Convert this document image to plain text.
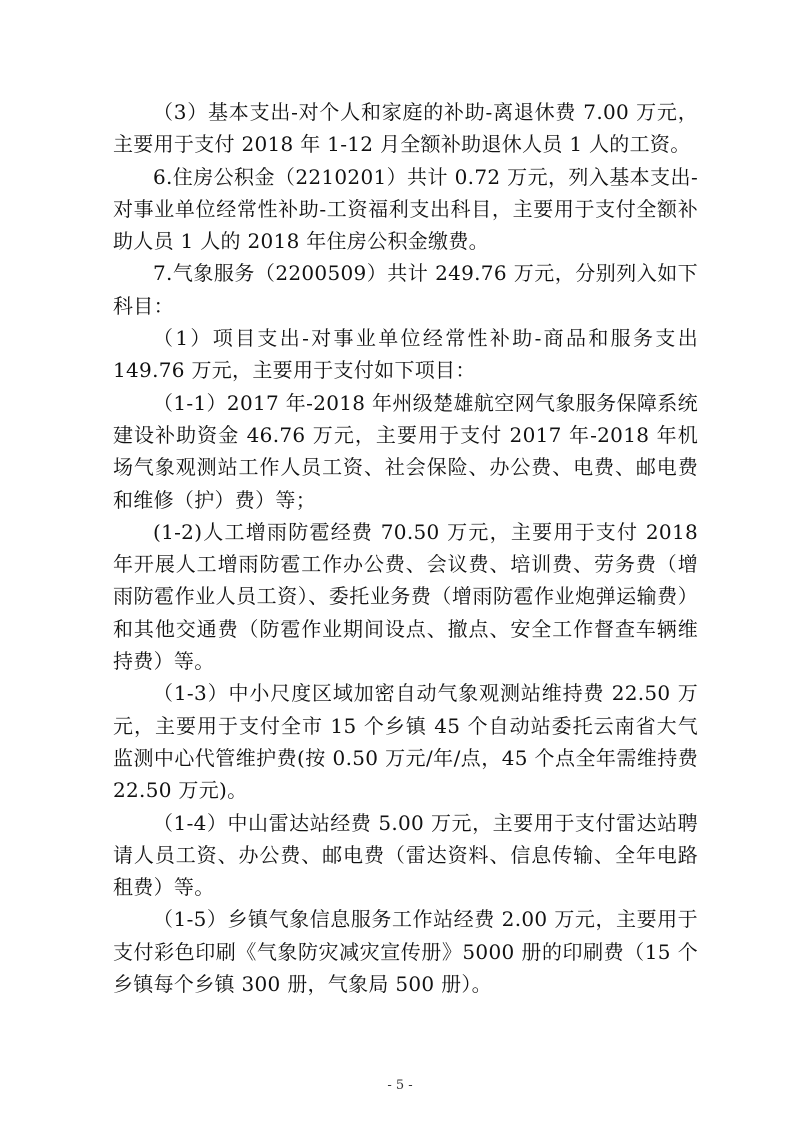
（3）基本支出-对个人和家庭的补助-离退休费 7.00 万元，主要用于支付 2018 年 1-12 月全额补助退休人员 1 人的工资。

6.住房公积金（2210201）共计 0.72 万元，列入基本支出-对事业单位经常性补助-工资福利支出科目，主要用于支付全额补助人员 1 人的 2018 年住房公积金缴费。

7.气象服务（2200509）共计 249.76 万元，分别列入如下科目：

（1）项目支出-对事业单位经常性补助-商品和服务支出 149.76 万元，主要用于支付如下项目：

（1-1）2017 年-2018 年州级楚雄航空网气象服务保障系统建设补助资金 46.76 万元，主要用于支付 2017 年-2018 年机场气象观测站工作人员工资、社会保险、办公费、电费、邮电费和维修（护）费）等；

(1-2)人工增雨防雹经费 70.50 万元，主要用于支付 2018 年开展人工增雨防雹工作办公费、会议费、培训费、劳务费（增雨防雹作业人员工资）、委托业务费（增雨防雹作业炮弹运输费）和其他交通费（防雹作业期间设点、撤点、安全工作督查车辆维持费）等。

（1-3）中小尺度区域加密自动气象观测站维持费 22.50 万元，主要用于支付全市 15 个乡镇 45 个自动站委托云南省大气监测中心代管维护费(按 0.50 万元/年/点，45 个点全年需维持费 22.50 万元)。

（1-4）中山雷达站经费 5.00 万元，主要用于支付雷达站聘请人员工资、办公费、邮电费（雷达资料、信息传输、全年电路租费）等。

（1-5）乡镇气象信息服务工作站经费 2.00 万元，主要用于支付彩色印刷《气象防灾减灾宣传册》5000 册的印刷费（15 个乡镇每个乡镇 300 册，气象局 500 册）。

- 5 -
